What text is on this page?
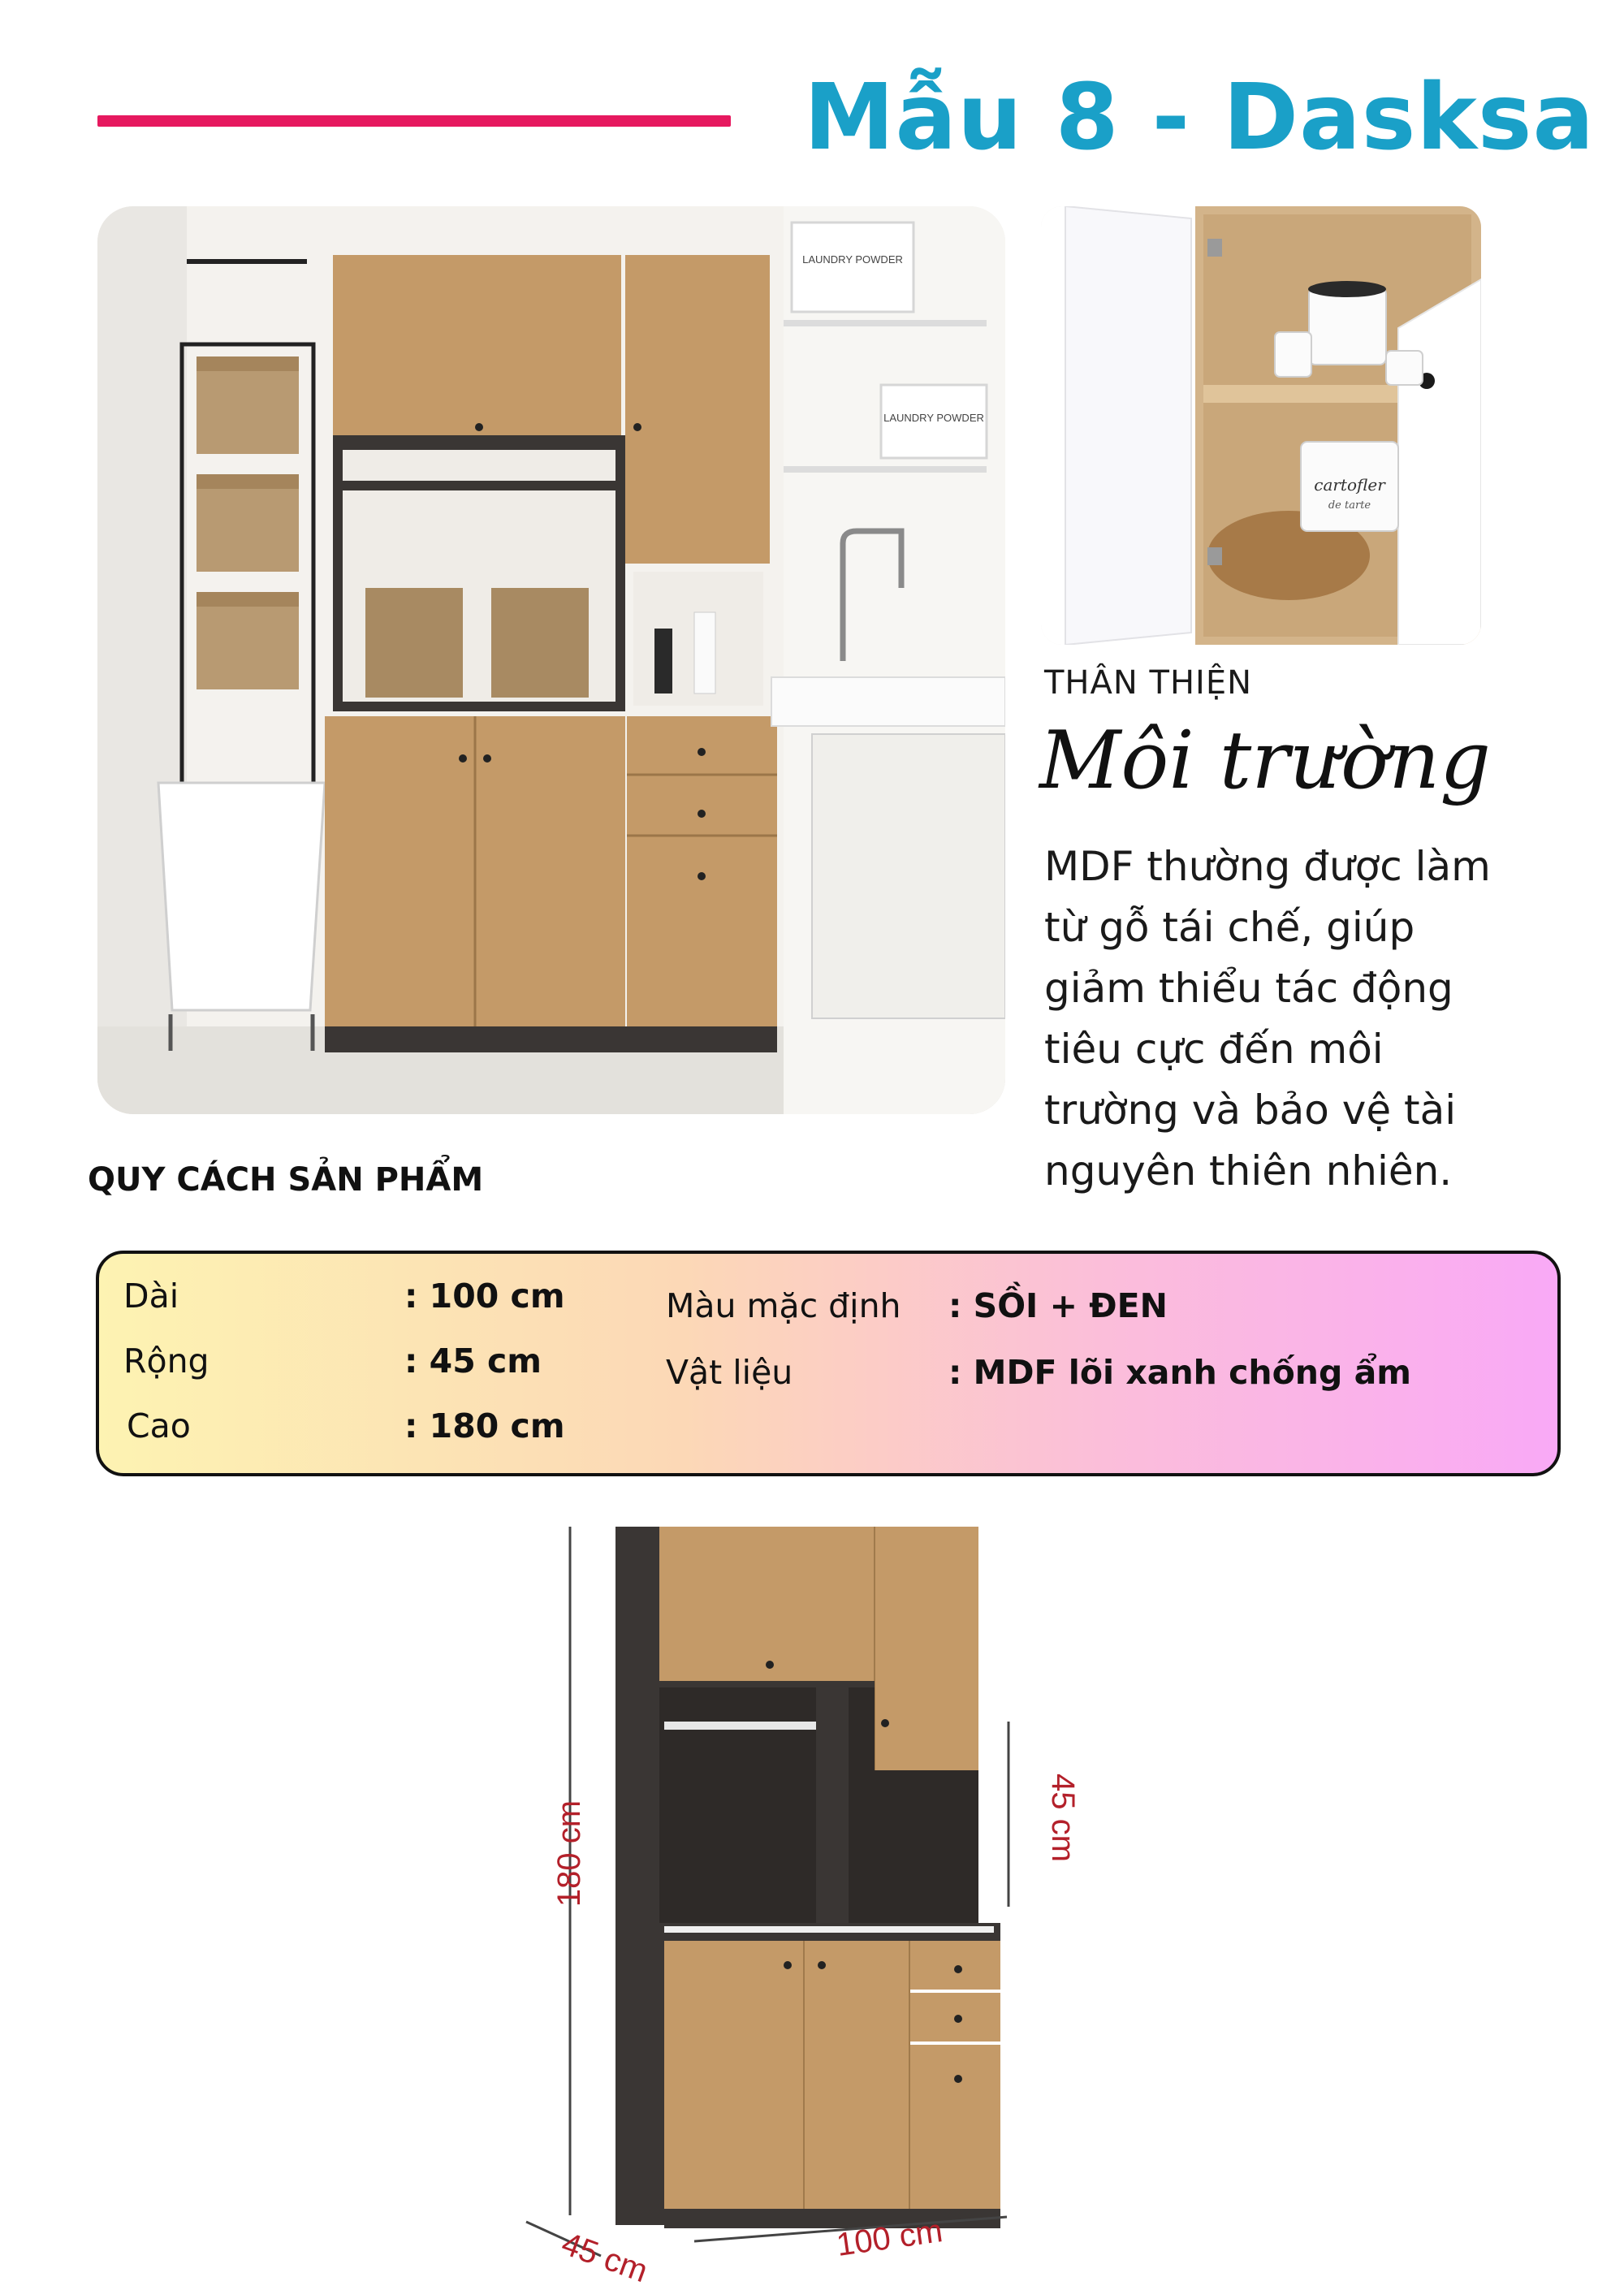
Mẫu 8 - Dasksa
LAUNDRY POWDER
LAUNDRY POWDER
cartofler
de tarte
THÂN THIỆN
Môi trường
MDF thường được làm
từ gỗ tái chế, giúp
giảm thiểu tác động
tiêu cực đến môi
trường và bảo vệ tài
nguyên thiên nhiên.
QUY CÁCH SẢN PHẨM
Dài	: 100 cm
Rộng	: 45 cm
Cao	: 180 cm
Màu mặc định : SỒI + ĐEN
Vật liệu	: MDF lõi xanh chống ẩm
180 cm	45 cm
45 cm	100 cm
